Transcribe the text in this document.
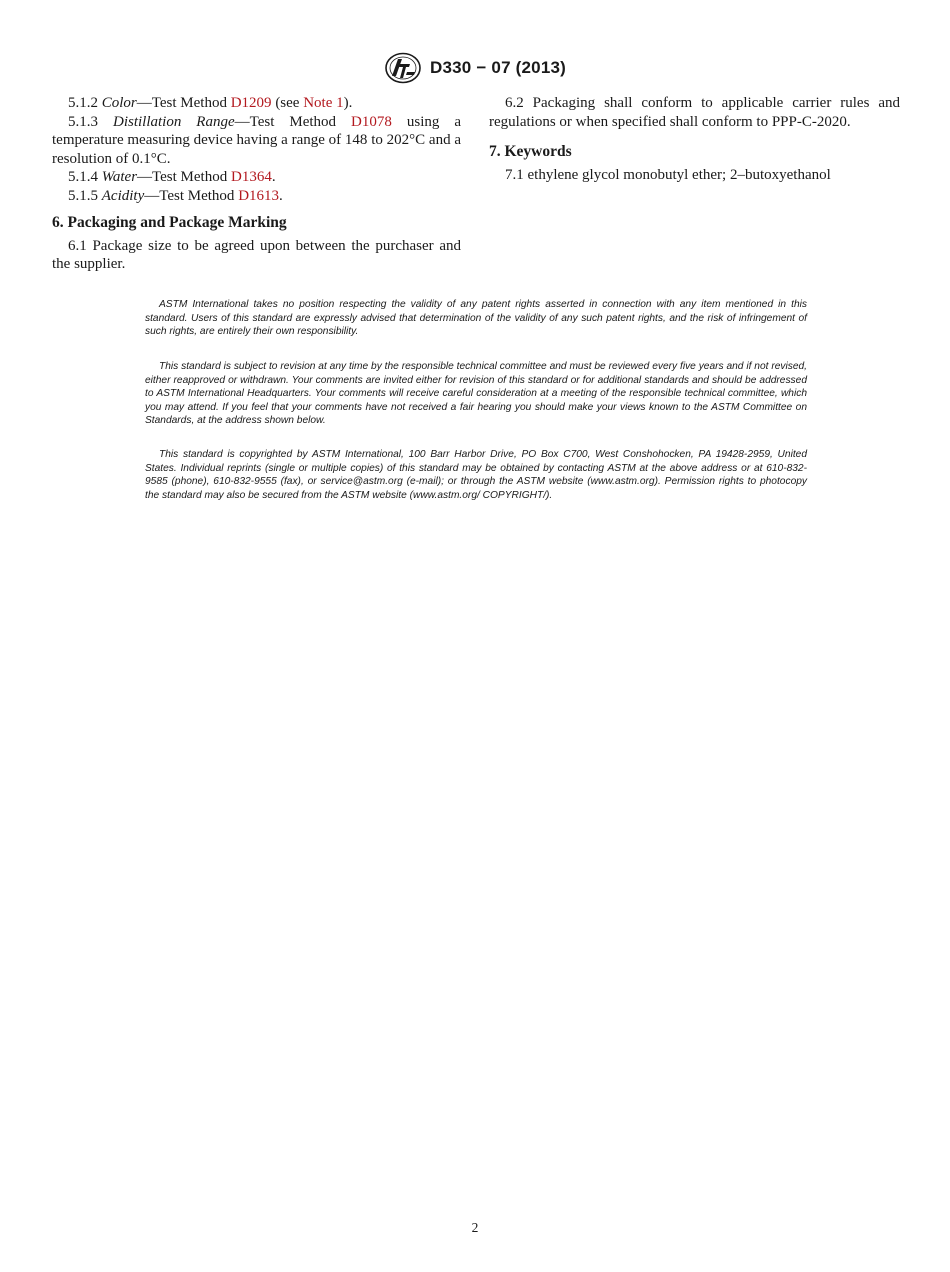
D330 − 07 (2013)

5.1.2 Color—Test Method D1209 (see Note 1).

5.1.3 Distillation Range—Test Method D1078 using a temperature measuring device having a range of 148 to 202°C and a resolution of 0.1°C.

5.1.4 Water—Test Method D1364.

5.1.5 Acidity—Test Method D1613.

6. Packaging and Package Marking

6.1 Package size to be agreed upon between the purchaser and the supplier.

6.2 Packaging shall conform to applicable carrier rules and regulations or when specified shall conform to PPP-C-2020.

7. Keywords

7.1 ethylene glycol monobutyl ether; 2–butoxyethanol

ASTM International takes no position respecting the validity of any patent rights asserted in connection with any item mentioned in this standard. Users of this standard are expressly advised that determination of the validity of any such patent rights, and the risk of infringement of such rights, are entirely their own responsibility.

This standard is subject to revision at any time by the responsible technical committee and must be reviewed every five years and if not revised, either reapproved or withdrawn. Your comments are invited either for revision of this standard or for additional standards and should be addressed to ASTM International Headquarters. Your comments will receive careful consideration at a meeting of the responsible technical committee, which you may attend. If you feel that your comments have not received a fair hearing you should make your views known to the ASTM Committee on Standards, at the address shown below.

This standard is copyrighted by ASTM International, 100 Barr Harbor Drive, PO Box C700, West Conshohocken, PA 19428-2959, United States. Individual reprints (single or multiple copies) of this standard may be obtained by contacting ASTM at the above address or at 610-832-9585 (phone), 610-832-9555 (fax), or service@astm.org (e-mail); or through the ASTM website (www.astm.org). Permission rights to photocopy the standard may also be secured from the ASTM website (www.astm.org/ COPYRIGHT/).

2
